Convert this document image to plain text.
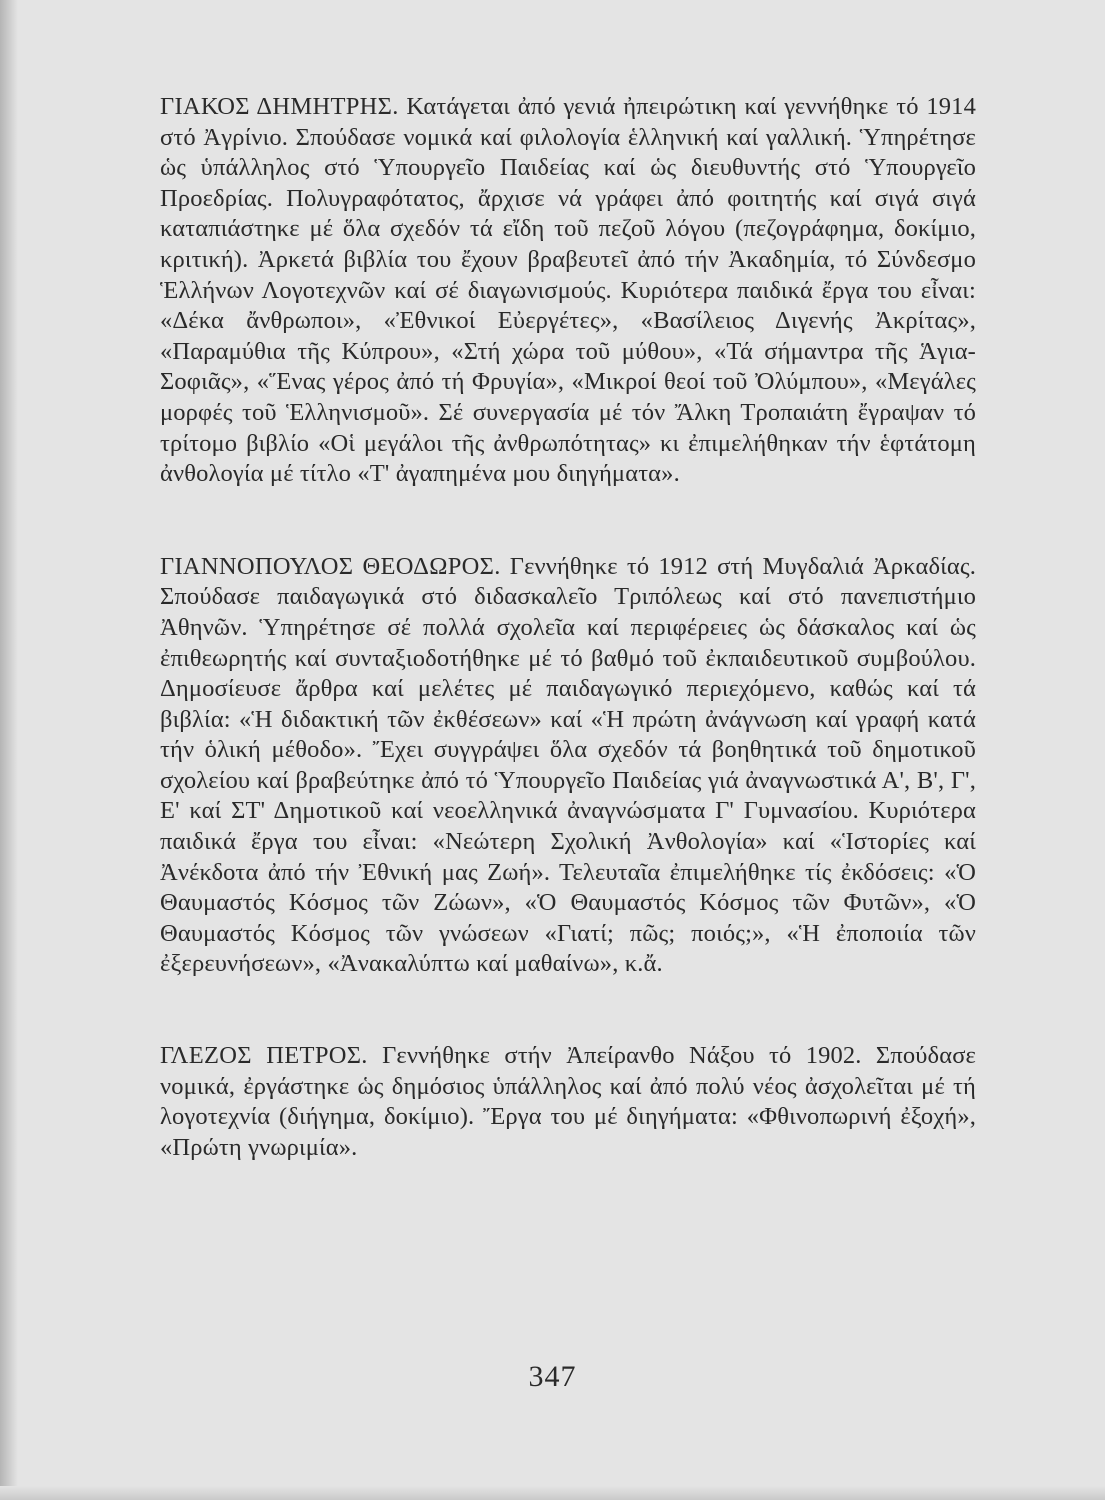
ΓΙΑΚΟΣ ΔΗΜΗΤΡΗΣ. Κατάγεται ἀπό γενιά ἠπειρώτικη καί γεννήθηκε τό 1914 στό Ἀγρίνιο. Σπούδασε νομικά καί φιλολογία ἑλληνική καί γαλλική. Ὑπηρέτησε ὡς ὑπάλληλος στό Ὑπουργεῖο Παιδείας καί ὡς διευθυντής στό Ὑπουργεῖο Προεδρίας. Πολυγραφότατος, ἄρχισε νά γράφει ἀπό φοιτητής καί σιγά σιγά καταπιάστηκε μέ ὅλα σχεδόν τά εἴδη τοῦ πεζοῦ λόγου (πεζογράφημα, δοκίμιο, κριτική). Ἀρκετά βιβλία του ἔχουν βραβευτεῖ ἀπό τήν Ἀκαδημία, τό Σύνδεσμο Ἑλλήνων Λογοτεχνῶν καί σέ διαγωνισμούς. Κυριότερα παιδικά ἔργα του εἶναι: «Δέκα ἄνθρωποι», «Ἐθνικοί Εὐεργέτες», «Βασίλειος Διγενής Ἀκρίτας», «Παραμύθια τῆς Κύπρου», «Στή χώρα τοῦ μύθου», «Τά σήμαντρα τῆς Ἁγια-Σοφιᾶς», «Ἕνας γέρος ἀπό τή Φρυγία», «Μικροί θεοί τοῦ Ὀλύμπου», «Μεγάλες μορφές τοῦ Ἑλληνισμοῦ». Σέ συνεργασία μέ τόν Ἄλκη Τροπαιάτη ἔγραψαν τό τρίτομο βιβλίο «Οἱ μεγάλοι τῆς ἀνθρωπότητας» κι ἐπιμελήθηκαν τήν ἑφτάτομη ἀνθολογία μέ τίτλο «Τ' ἀγαπημένα μου διηγήματα».

ΓΙΑΝΝΟΠΟΥΛΟΣ ΘΕΟΔΩΡΟΣ. Γεννήθηκε τό 1912 στή Μυγδαλιά Ἀρκαδίας. Σπούδασε παιδαγωγικά στό διδασκαλεῖο Τριπόλεως καί στό πανεπιστήμιο Ἀθηνῶν. Ὑπηρέτησε σέ πολλά σχολεῖα καί περιφέρειες ὡς δάσκαλος καί ὡς ἐπιθεωρητής καί συνταξιοδοτήθηκε μέ τό βαθμό τοῦ ἐκπαιδευτικοῦ συμβούλου. Δημοσίευσε ἄρθρα καί μελέτες μέ παιδαγωγικό περιεχόμενο, καθώς καί τά βιβλία: «Ἡ διδακτική τῶν ἐκθέσεων» καί «Ἡ πρώτη ἀνάγνωση καί γραφή κατά τήν ὁλική μέθοδο». Ἔχει συγγράψει ὅλα σχεδόν τά βοηθητικά τοῦ δημοτικοῦ σχολείου καί βραβεύτηκε ἀπό τό Ὑπουργεῖο Παιδείας γιά ἀναγνωστικά Α', Β', Γ', Ε' καί ΣΤ' Δημοτικοῦ καί νεοελληνικά ἀναγνώσματα Γ' Γυμνασίου. Κυριότερα παιδικά ἔργα του εἶναι: «Νεώτερη Σχολική Ἀνθολογία» καί «Ἱστορίες καί Ἀνέκδοτα ἀπό τήν Ἐθνική μας Ζωή». Τελευταῖα ἐπιμελήθηκε τίς ἐκδόσεις: «Ὁ Θαυμαστός Κόσμος τῶν Ζώων», «Ὁ Θαυμαστός Κόσμος τῶν Φυτῶν», «Ὁ Θαυμαστός Κόσμος τῶν γνώσεων «Γιατί; πῶς; ποιός;», «Ἡ ἐποποιία τῶν ἐξερευνήσεων», «Ἀνακαλύπτω καί μαθαίνω», κ.ἄ.

ΓΛΕΖΟΣ ΠΕΤΡΟΣ. Γεννήθηκε στήν Ἀπείρανθο Νάξου τό 1902. Σπούδασε νομικά, ἐργάστηκε ὡς δημόσιος ὑπάλληλος καί ἀπό πολύ νέος ἀσχολεῖται μέ τή λογοτεχνία (διήγημα, δοκίμιο). Ἔργα του μέ διηγήματα: «Φθινοπωρινή ἐξοχή», «Πρώτη γνωριμία».

347
